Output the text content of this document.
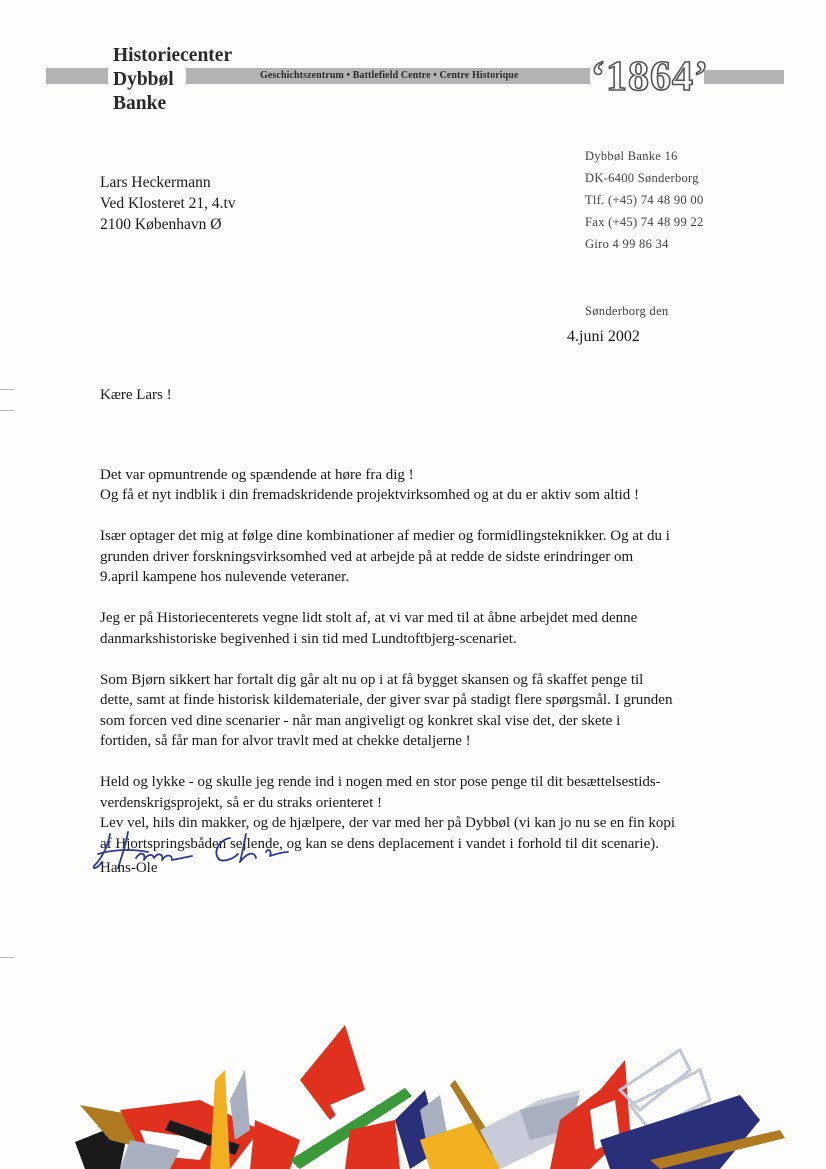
Historiecenter
Dybbøl
Banke
Geschichtszentrum • Battlefield Centre • Centre Historique ‘1864’
Lars Heckermann
Ved Klosteret 21, 4.tv
2100 København Ø
Dybbøl Banke 16
DK-6400 Sønderborg
Tlf. (+45) 74 48 90 00
Fax (+45) 74 48 99 22
Giro 4 99 86 34
Sønderborg den
4.juni 2002
Kære Lars !

Det var opmuntrende og spændende at høre fra dig !
Og få et nyt indblik i din fremadskridende projektvirksomhed og at du er aktiv som altid !

Især optager det mig at følge dine kombinationer af medier og formidlingsteknikker. Og at du i
grunden driver forskningsvirksomhed ved at arbejde på at redde de sidste erindringer om
9.april kampene hos nulevende veteraner.

Jeg er på Historiecenterets vegne lidt stolt af, at vi var med til at åbne arbejdet med denne
danmarkshistoriske begivenhed i sin tid med Lundtoftbjerg-scenariet.

Som Bjørn sikkert har fortalt dig går alt nu op i at få bygget skansen og få skaffet penge til
dette, samt at finde historisk kildemateriale, der giver svar på stadigt flere spørgsmål. I grunden
som forcen ved dine scenarier - når man angiveligt og konkret skal vise det, der skete i
fortiden, så får man for alvor travlt med at chekke detaljerne !

Held og lykke - og skulle jeg rende ind i nogen med en stor pose penge til dit besættelsestids-
verdenskrigsprojekt, så er du straks orienteret !
Lev vel, hils din makker, og de hjælpere, der var med her på Dybbøl (vi kan jo nu se en fin kopi
af Hjortspringsbåden sejlende, og kan se dens deplacement i vandet i forhold til dit scenarie).

Hans-Ole
